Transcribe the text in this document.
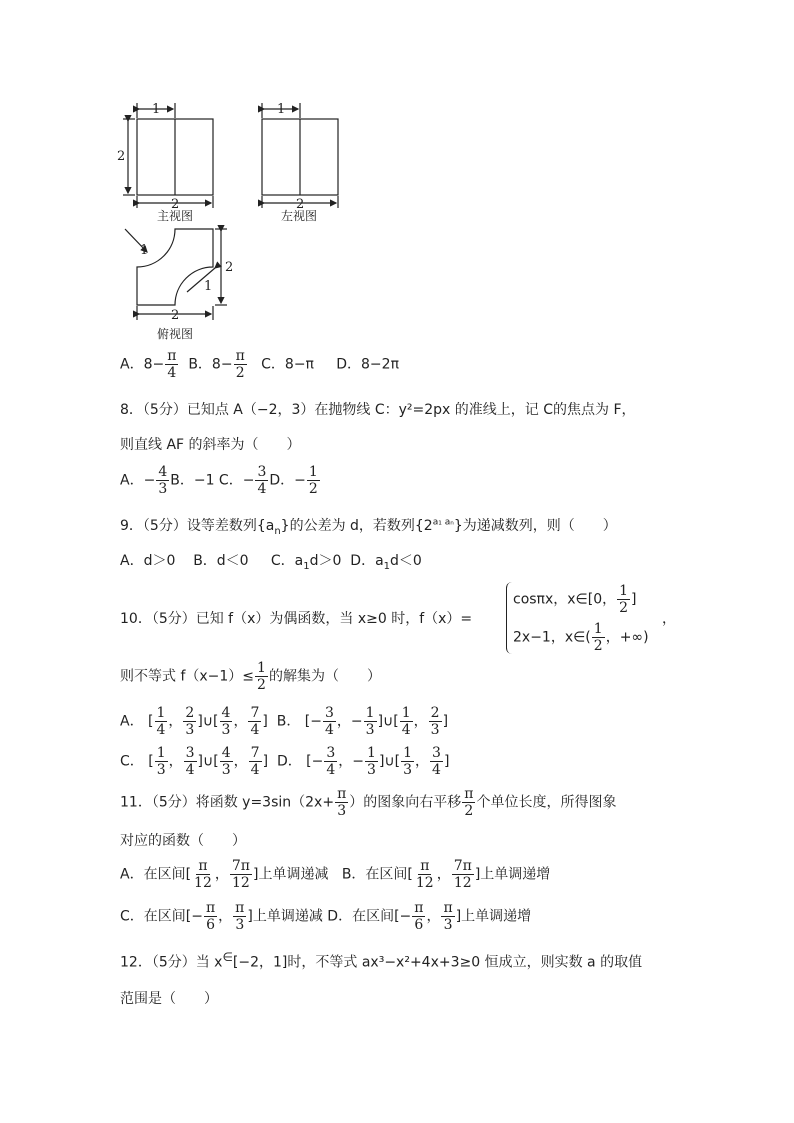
1
2
2
1
2
1
1
2
2
主视图	左视图
俯视图
A．$8- \frac{\pi}{4}$ B．$8- \frac{\pi}{2}$ C．8−π D．8−2π
8．（5分）已知点 A（−2，3）在抛物线 C：y²=2px 的准线上，记 C的焦点为 F，
则直线 AF 的斜率为（　　）
A．− $\frac{4}{3}$ B．−1 C．− $\frac{3}{4}$ D．− $\frac{1}{2}$
9．（5分）设等差数列$\{a_n\}$的公差为 d，若数列$\{2^{a_1 a_n}\}$为递减数列，则（　　）
A．d＞0 B．d＜0 C．$a_1d>0$ D．$a_1d<0$
10．（5分）已知 f（x）为偶函数，当 x≥0 时，f（x）=
cosπx，x∈[0， $\frac{1}{2}$ ]
2x−1，x∈( $\frac{1}{2}$ ，+∞)
，
则不等式 $f(x-1)\le \frac{1}{2}$ 的解集为（　　）
A． [ $\frac{1}{4}$ ， $\frac{2}{3}$ ]∪[ $\frac{4}{3}$ ， $\frac{7}{4}$ ]  B． [− $\frac{3}{4}$ ，− $\frac{1}{3}$ ]∪[ $\frac{1}{4}$ ， $\frac{2}{3}$ ]
C． [ $\frac{1}{3}$ ， $\frac{3}{4}$ ]∪[ $\frac{4}{3}$ ， $\frac{7}{4}$ ]  D． [− $\frac{3}{4}$ ，− $\frac{1}{3}$ ]∪[ $\frac{1}{3}$ ， $\frac{3}{4}$ ]
11．（5分）将函数 $y=3\sin(2x+ \frac{\pi}{3}$ ）的图象向右平移 $\frac{\pi}{2}$ 个单位长度，所得图象
对应的函数（　　）
A．在区间[ $\frac{\pi}{12}$ ， $\frac{7\pi}{12}$ ]上单调递减 B．在区间[ $\frac{\pi}{12}$ ， $\frac{7\pi}{12}$ ]上单调递增
C．在区间[− $\frac{\pi}{6}$ ， $\frac{\pi}{3}$ ]上单调递减 D．在区间[− $\frac{\pi}{6}$ ， $\frac{\pi}{3}$ ]上单调递增
12．（5分）当 x∈[−2，1]时，不等式 ax³−x²+4x+3≥0 恒成立，则实数 a 的取值
范围是（　　）
